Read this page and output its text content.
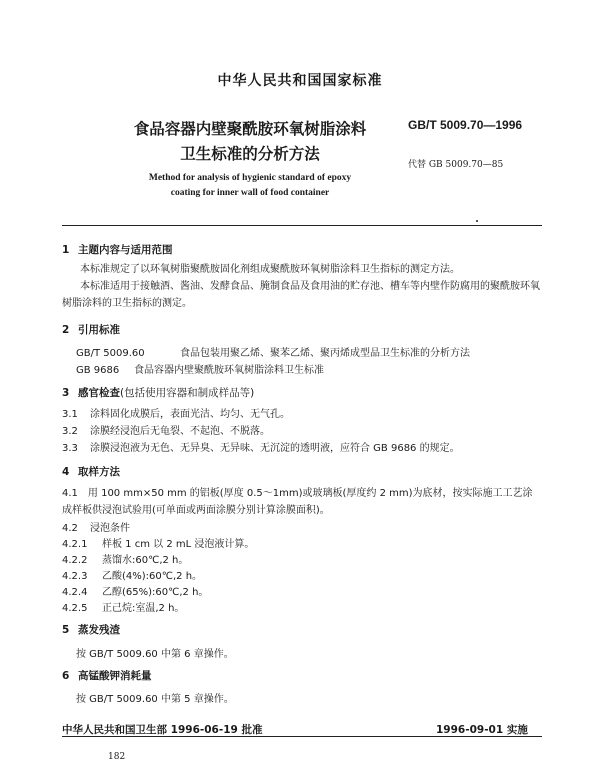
中华人民共和国国家标准
食品容器内壁聚酰胺环氧树脂涂料
卫生标准的分析方法
GB/T 5009.70—1996
代替 GB 5009.70—85
Method for analysis of hygienic standard of epoxy
coating for inner wall of food container
1 主题内容与适用范围
本标准规定了以环氧树脂聚酰胺固化剂组成聚酰胺环氧树脂涂料卫生指标的测定方法。
本标准适用于接触酒、酱油、发酵食品、腌制食品及食用油的贮存池、槽车等内壁作防腐用的聚酰胺环氧树脂涂料的卫生指标的测定。
2 引用标准
GB/T 5009.60	食品包装用聚乙烯、聚苯乙烯、聚丙烯成型品卫生标准的分析方法
GB 9686 食品容器内壁聚酰胺环氧树脂涂料卫生标准
3 感官检查(包括使用容器和制成样品等)
3.1 涂料固化成膜后，表面光洁、均匀、无气孔。
3.2 涂膜经浸泡后无龟裂、不起泡、不脱落。
3.3 涂膜浸泡液为无色、无异臭、无异味、无沉淀的透明液，应符合 GB 9686 的规定。
4 取样方法
4.1　用 100 mm×50 mm 的铝板(厚度 0.5～1mm)或玻璃板(厚度约 2 mm)为底材，按实际施工工艺涂成样板供浸泡试验用(可单面或两面涂膜分别计算涂膜面积)。
4.2 浸泡条件
4.2.1 样板 1 cm 以 2 mL 浸泡液计算。
4.2.2 蒸馏水:60℃,2 h。
4.2.3 乙酸(4%):60℃,2 h。
4.2.4 乙醇(65%):60℃,2 h。
4.2.5 正己烷:室温,2 h。
5 蒸发残渣
按 GB/T 5009.60 中第 6 章操作。
6 高锰酸钾消耗量
按 GB/T 5009.60 中第 5 章操作。
中华人民共和国卫生部 1996-06-19 批准	1996-09-01 实施
182
